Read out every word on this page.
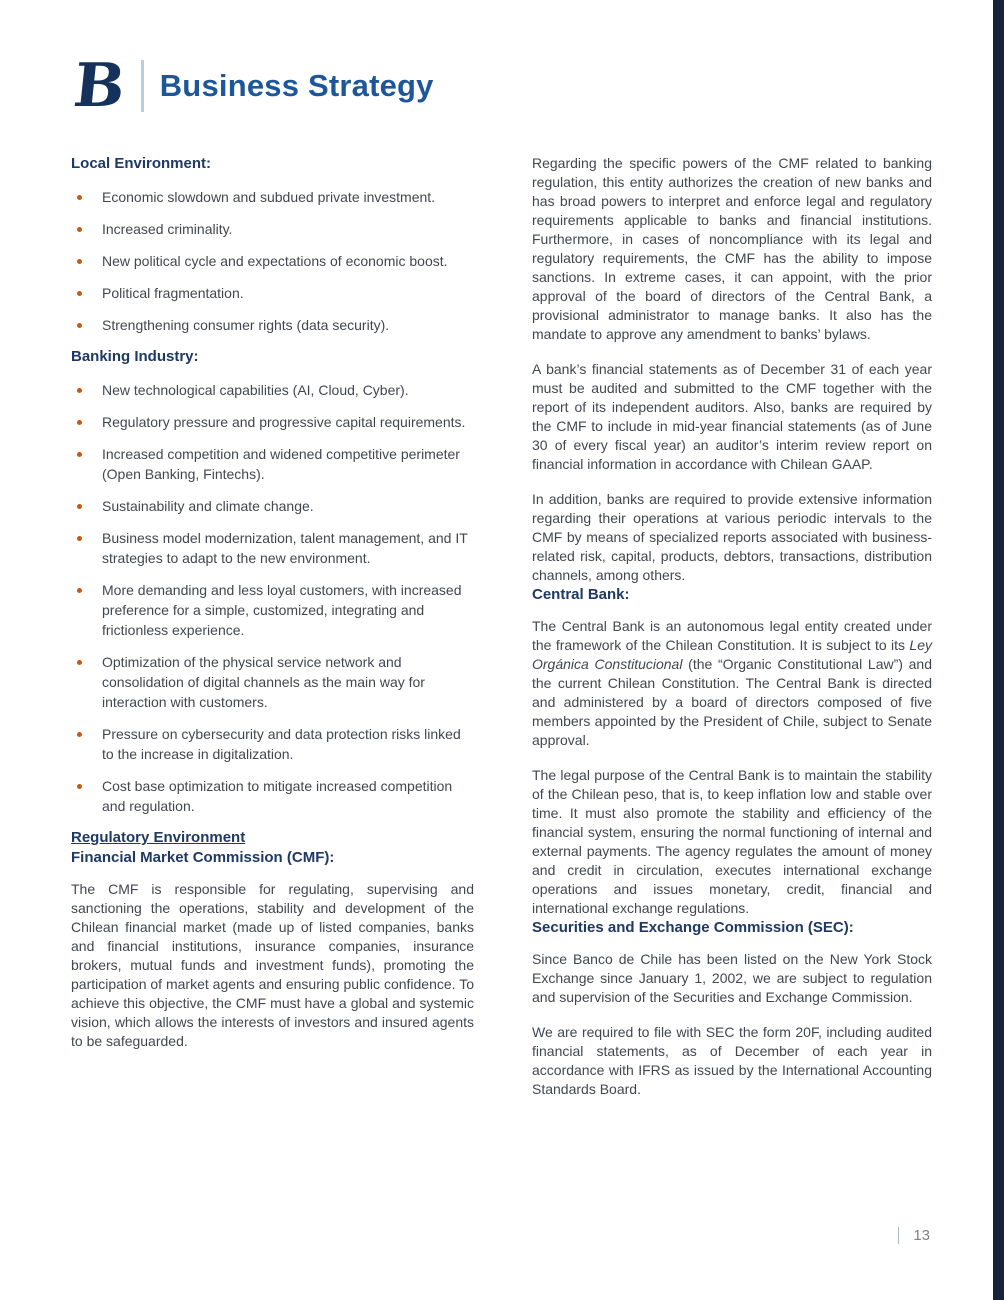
B	Business Strategy
Local Environment:
Economic slowdown and subdued private investment.
Increased criminality.
New political cycle and expectations of economic boost.
Political fragmentation.
Strengthening consumer rights (data security).
Banking Industry:
New technological capabilities (AI, Cloud, Cyber).
Regulatory pressure and progressive capital requirements.
Increased competition and widened competitive perimeter (Open Banking, Fintechs).
Sustainability and climate change.
Business model modernization, talent management, and IT strategies to adapt to the new environment.
More demanding and less loyal customers, with increased preference for a simple, customized, integrating and frictionless experience.
Optimization of the physical service network and consolidation of digital channels as the main way for interaction with customers.
Pressure on cybersecurity and data protection risks linked to the increase in digitalization.
Cost base optimization to mitigate increased competition and regulation.
Regulatory Environment
Financial Market Commission (CMF):

The CMF is responsible for regulating, supervising and sanctioning the operations, stability and development of the Chilean financial market (made up of listed companies, banks and financial institutions, insurance companies, insurance brokers, mutual funds and investment funds), promoting the participation of market agents and ensuring public confidence. To achieve this objective, the CMF must have a global and systemic vision, which allows the interests of investors and insured agents to be safeguarded.

Regarding the specific powers of the CMF related to banking regulation, this entity authorizes the creation of new banks and has broad powers to interpret and enforce legal and regulatory requirements applicable to banks and financial institutions. Furthermore, in cases of noncompliance with its legal and regulatory requirements, the CMF has the ability to impose sanctions. In extreme cases, it can appoint, with the prior approval of the board of directors of the Central Bank, a provisional administrator to manage banks. It also has the mandate to approve any amendment to banks’ bylaws.

A bank’s financial statements as of December 31 of each year must be audited and submitted to the CMF together with the report of its independent auditors. Also, banks are required by the CMF to include in mid-year financial statements (as of June 30 of every fiscal year) an auditor’s interim review report on financial information in accordance with Chilean GAAP.

In addition, banks are required to provide extensive information regarding their operations at various periodic intervals to the CMF by means of specialized reports associated with business-related risk, capital, products, debtors, transactions, distribution channels, among others.

Central Bank:

The Central Bank is an autonomous legal entity created under the framework of the Chilean Constitution. It is subject to its Ley Orgánica Constitucional (the “Organic Constitutional Law”) and the current Chilean Constitution. The Central Bank is directed and administered by a board of directors composed of five members appointed by the President of Chile, subject to Senate approval.

The legal purpose of the Central Bank is to maintain the stability of the Chilean peso, that is, to keep inflation low and stable over time. It must also promote the stability and efficiency of the financial system, ensuring the normal functioning of internal and external payments. The agency regulates the amount of money and credit in circulation, executes international exchange operations and issues monetary, credit, financial and international exchange regulations.

Securities and Exchange Commission (SEC):

Since Banco de Chile has been listed on the New York Stock Exchange since January 1, 2002, we are subject to regulation and supervision of the Securities and Exchange Commission.

We are required to file with SEC the form 20F, including audited financial statements, as of December of each year in accordance with IFRS as issued by the International Accounting Standards Board.

13
